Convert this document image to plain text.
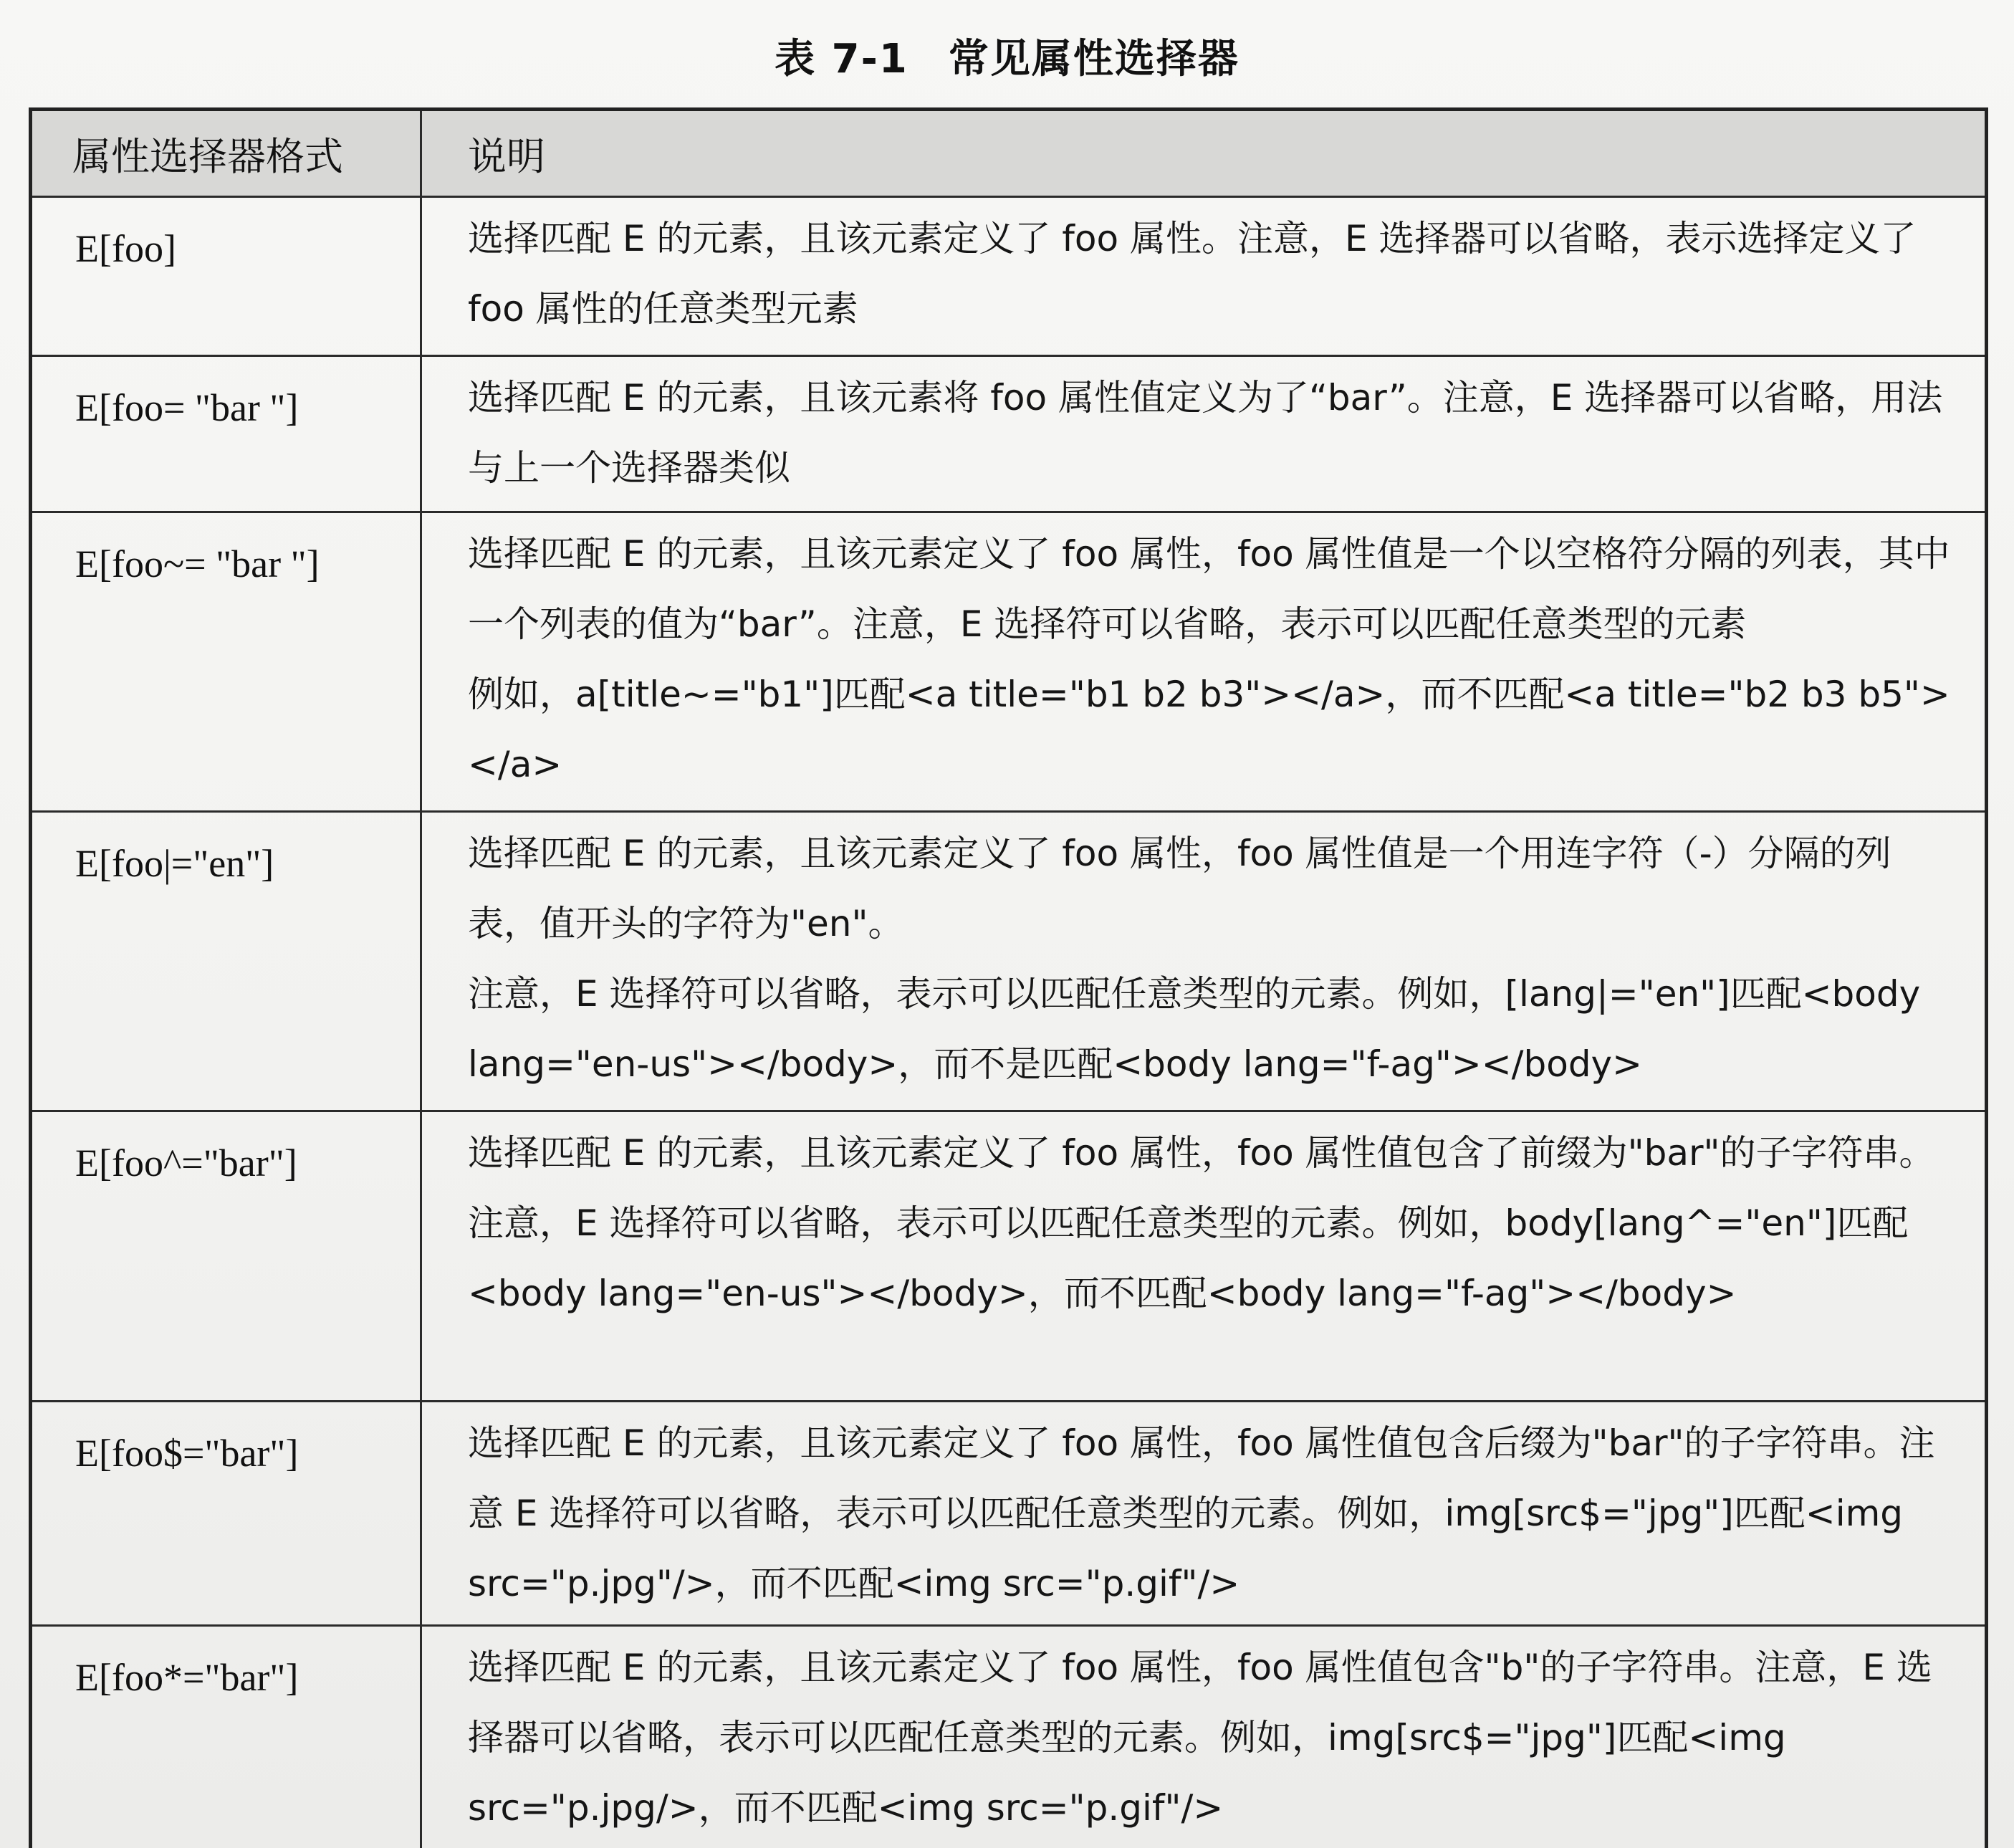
表 7-1 常见属性选择器
属性选择器格式	说明
E[foo]	选择匹配 E 的元素，且该元素定义了 foo 属性。注意，E 选择器可以省略，表示选择定义了 foo 属性的任意类型元素

E[foo= "bar "]	选择匹配 E 的元素，且该元素将 foo 属性值定义为了“bar”。注意，E 选择器可以省略，用法与上一个选择器类似

E[foo~= "bar "]	选择匹配 E 的元素，且该元素定义了 foo 属性，foo 属性值是一个以空格符分隔的列表，其中一个列表的值为“bar”。注意，E 选择符可以省略，表示可以匹配任意类型的元素

例如，a[title~="b1"]匹配<a title="b1 b2 b3"></a>，而不匹配<a title="b2 b3 b5"></a>

E[foo|="en"]	选择匹配 E 的元素，且该元素定义了 foo 属性，foo 属性值是一个用连字符（-）分隔的列表，值开头的字符为"en"。

注意，E 选择符可以省略，表示可以匹配任意类型的元素。例如，[lang|="en"]匹配<body lang="en-us"></body>，而不是匹配<body lang="f-ag"></body>

E[foo^="bar"]	选择匹配 E 的元素，且该元素定义了 foo 属性，foo 属性值包含了前缀为"bar"的子字符串。注意，E 选择符可以省略，表示可以匹配任意类型的元素。例如，body[lang^="en"]匹配<body lang="en-us"></body>，而不匹配<body lang="f-ag"></body>

E[foo$="bar"]	选择匹配 E 的元素，且该元素定义了 foo 属性，foo 属性值包含后缀为"bar"的子字符串。注意 E 选择符可以省略，表示可以匹配任意类型的元素。例如，img[src$="jpg"]匹配<img src="p.jpg"/>，而不匹配<img src="p.gif"/>

E[foo*="bar"]	选择匹配 E 的元素，且该元素定义了 foo 属性，foo 属性值包含"b"的子字符串。注意，E 选择器可以省略，表示可以匹配任意类型的元素。例如，img[src$="jpg"]匹配<img src="p.jpg/>，而不匹配<img src="p.gif"/>
